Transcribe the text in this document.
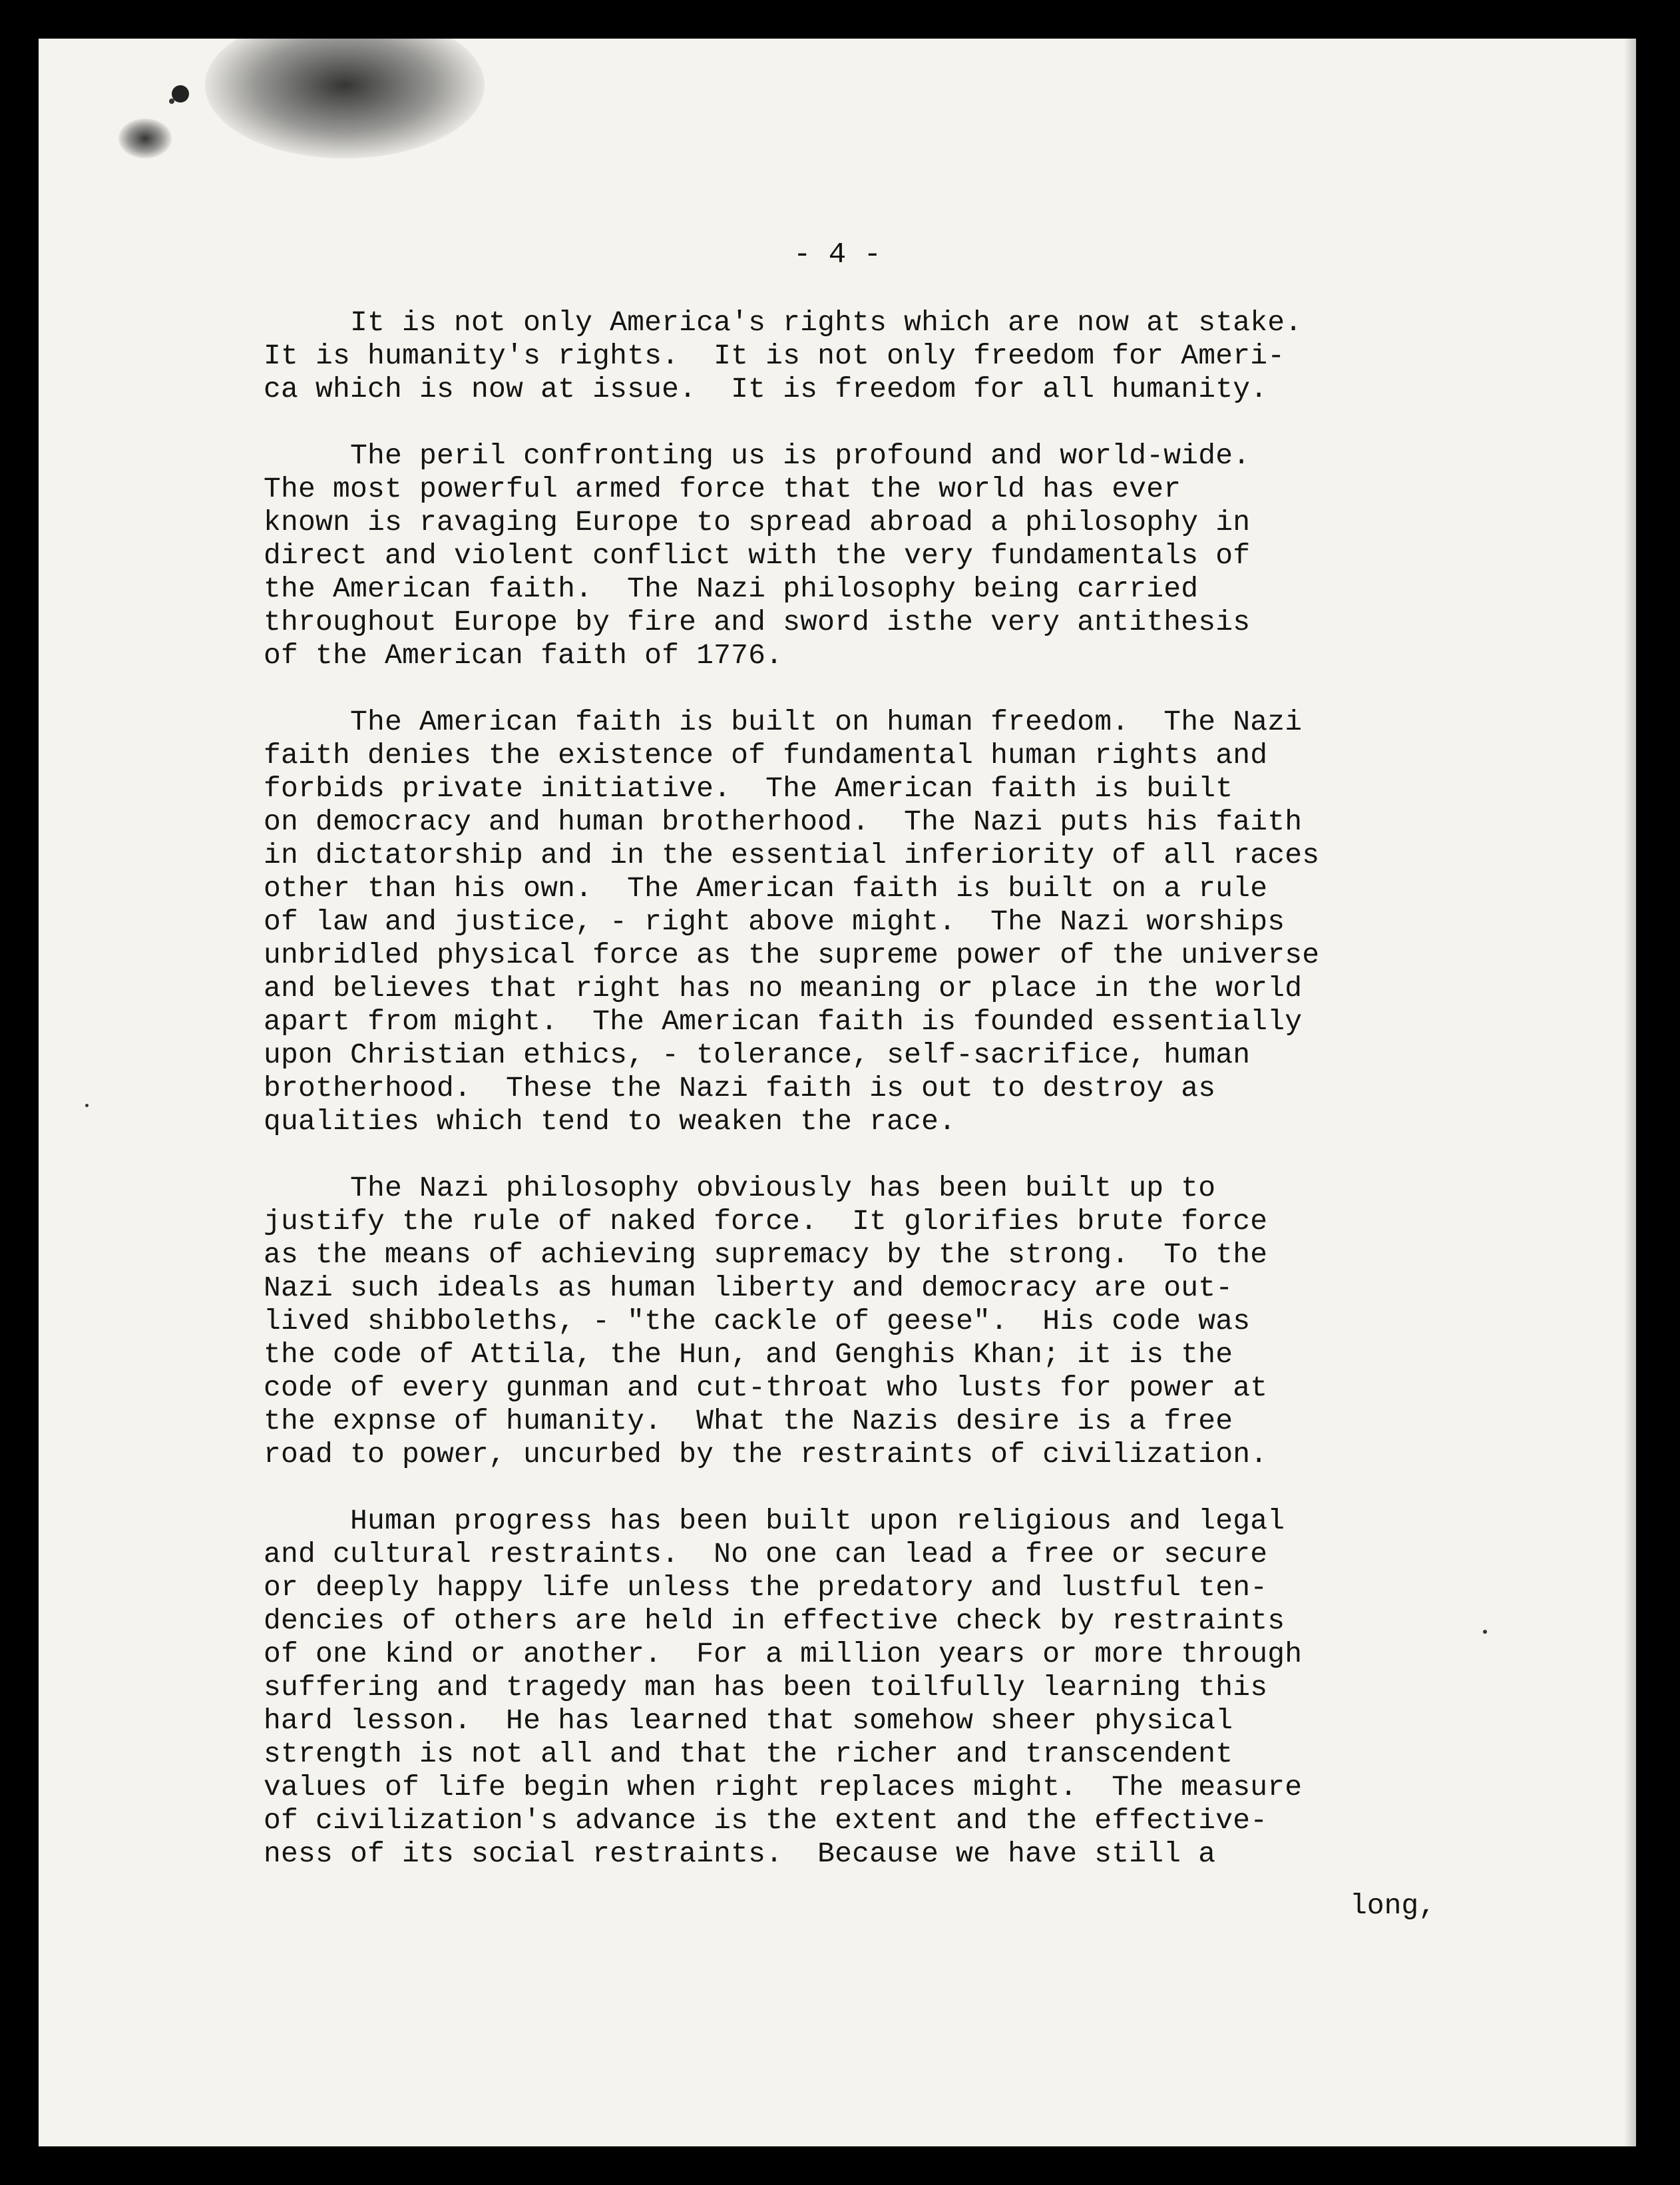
- 4 -

It is not only America's rights which are now at stake.
It is humanity's rights.  It is not only freedom for Ameri-
ca which is now at issue.  It is freedom for all humanity.

The peril confronting us is profound and world-wide.
The most powerful armed force that the world has ever
known is ravaging Europe to spread abroad a philosophy in
direct and violent conflict with the very fundamentals of
the American faith.  The Nazi philosophy being carried
throughout Europe by fire and sword isthe very antithesis
of the American faith of 1776.

The American faith is built on human freedom.  The Nazi
faith denies the existence of fundamental human rights and
forbids private initiative.  The American faith is built
on democracy and human brotherhood.  The Nazi puts his faith
in dictatorship and in the essential inferiority of all races
other than his own.  The American faith is built on a rule
of law and justice, - right above might.  The Nazi worships
unbridled physical force as the supreme power of the universe
and believes that right has no meaning or place in the world
apart from might.  The American faith is founded essentially
upon Christian ethics, - tolerance, self-sacrifice, human
brotherhood.  These the Nazi faith is out to destroy as
qualities which tend to weaken the race.

The Nazi philosophy obviously has been built up to
justify the rule of naked force.  It glorifies brute force
as the means of achieving supremacy by the strong.  To the
Nazi such ideals as human liberty and democracy are out-
lived shibboleths, - "the cackle of geese".  His code was
the code of Attila, the Hun, and Genghis Khan; it is the
code of every gunman and cut-throat who lusts for power at
the expnse of humanity.  What the Nazis desire is a free
road to power, uncurbed by the restraints of civilization.

Human progress has been built upon religious and legal
and cultural restraints.  No one can lead a free or secure
or deeply happy life unless the predatory and lustful ten-
dencies of others are held in effective check by restraints
of one kind or another.  For a million years or more through
suffering and tragedy man has been toilfully learning this
hard lesson.  He has learned that somehow sheer physical
strength is not all and that the richer and transcendent
values of life begin when right replaces might.  The measure
of civilization's advance is the extent and the effective-
ness of its social restraints.  Because we have still a

long,
